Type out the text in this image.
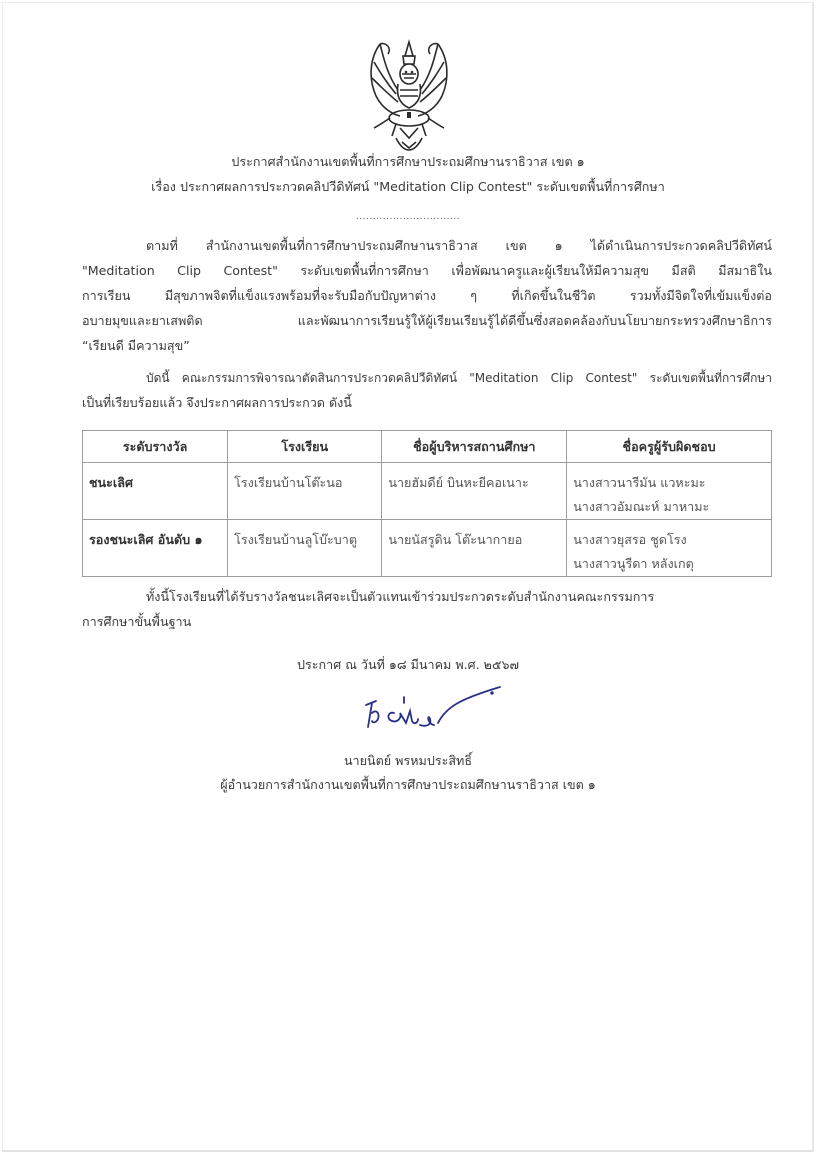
ประกาศสำนักงานเขตพื้นที่การศึกษาประถมศึกษานราธิวาส เขต ๑
เรื่อง ประกาศผลการประกวดคลิปวีดิทัศน์ "Meditation Clip Contest" ระดับเขตพื้นที่การศึกษา
...............................
ตามที่ สำนักงานเขตพื้นที่การศึกษาประถมศึกษานราธิวาส เขต ๑ ได้ดำเนินการประกวดคลิปวีดิทัศน์
"Meditation Clip Contest" ระดับเขตพื้นที่การศึกษา เพื่อพัฒนาครูและผู้เรียนให้มีความสุข มีสติ มีสมาธิใน
การเรียน มีสุขภาพจิตที่แข็งแรงพร้อมที่จะรับมือกับปัญหาต่าง ๆ ที่เกิดขึ้นในชีวิต รวมทั้งมีจิตใจที่เข้มแข็งต่อ
อบายมุขและยาเสพติด และพัฒนาการเรียนรู้ให้ผู้เรียนเรียนรู้ได้ดีขึ้นซึ่งสอดคล้องกับนโยบายกระทรวงศึกษาธิการ
“เรียนดี มีความสุข”
บัดนี้ คณะกรรมการพิจารณาตัดสินการประกวดคลิปวีดิทัศน์ "Meditation Clip Contest" ระดับเขตพื้นที่การศึกษา
เป็นที่เรียบร้อยแล้ว จึงประกาศผลการประกวด ดังนี้
ระดับรางวัล	โรงเรียน	ชื่อผู้บริหารสถานศึกษา	ชื่อครูผู้รับผิดชอบ
ชนะเลิศ	โรงเรียนบ้านโต๊ะนอ	นายฮัมดีย์ บินหะยีคอเนาะ	นางสาวนารีมัน แวหะมะ
นางสาวอัมณะห์ มาหามะ

รองชนะเลิศ อันดับ ๑	โรงเรียนบ้านลูโบ๊ะบาตู	นายนัสรูดิน โต๊ะนากายอ	นางสาวยุสรอ ชูดโรง
นางสาวนูรีดา หลังเกตุ
ทั้งนี้โรงเรียนที่ได้รับรางวัลชนะเลิศจะเป็นตัวแทนเข้าร่วมประกวดระดับสำนักงานคณะกรรมการ
การศึกษาขั้นพื้นฐาน
ประกาศ ณ วันที่ ๑๘ มีนาคม พ.ศ. ๒๕๖๗
นายนิตย์ พรหมประสิทธิ์
ผู้อำนวยการสำนักงานเขตพื้นที่การศึกษาประถมศึกษานราธิวาส เขต ๑
